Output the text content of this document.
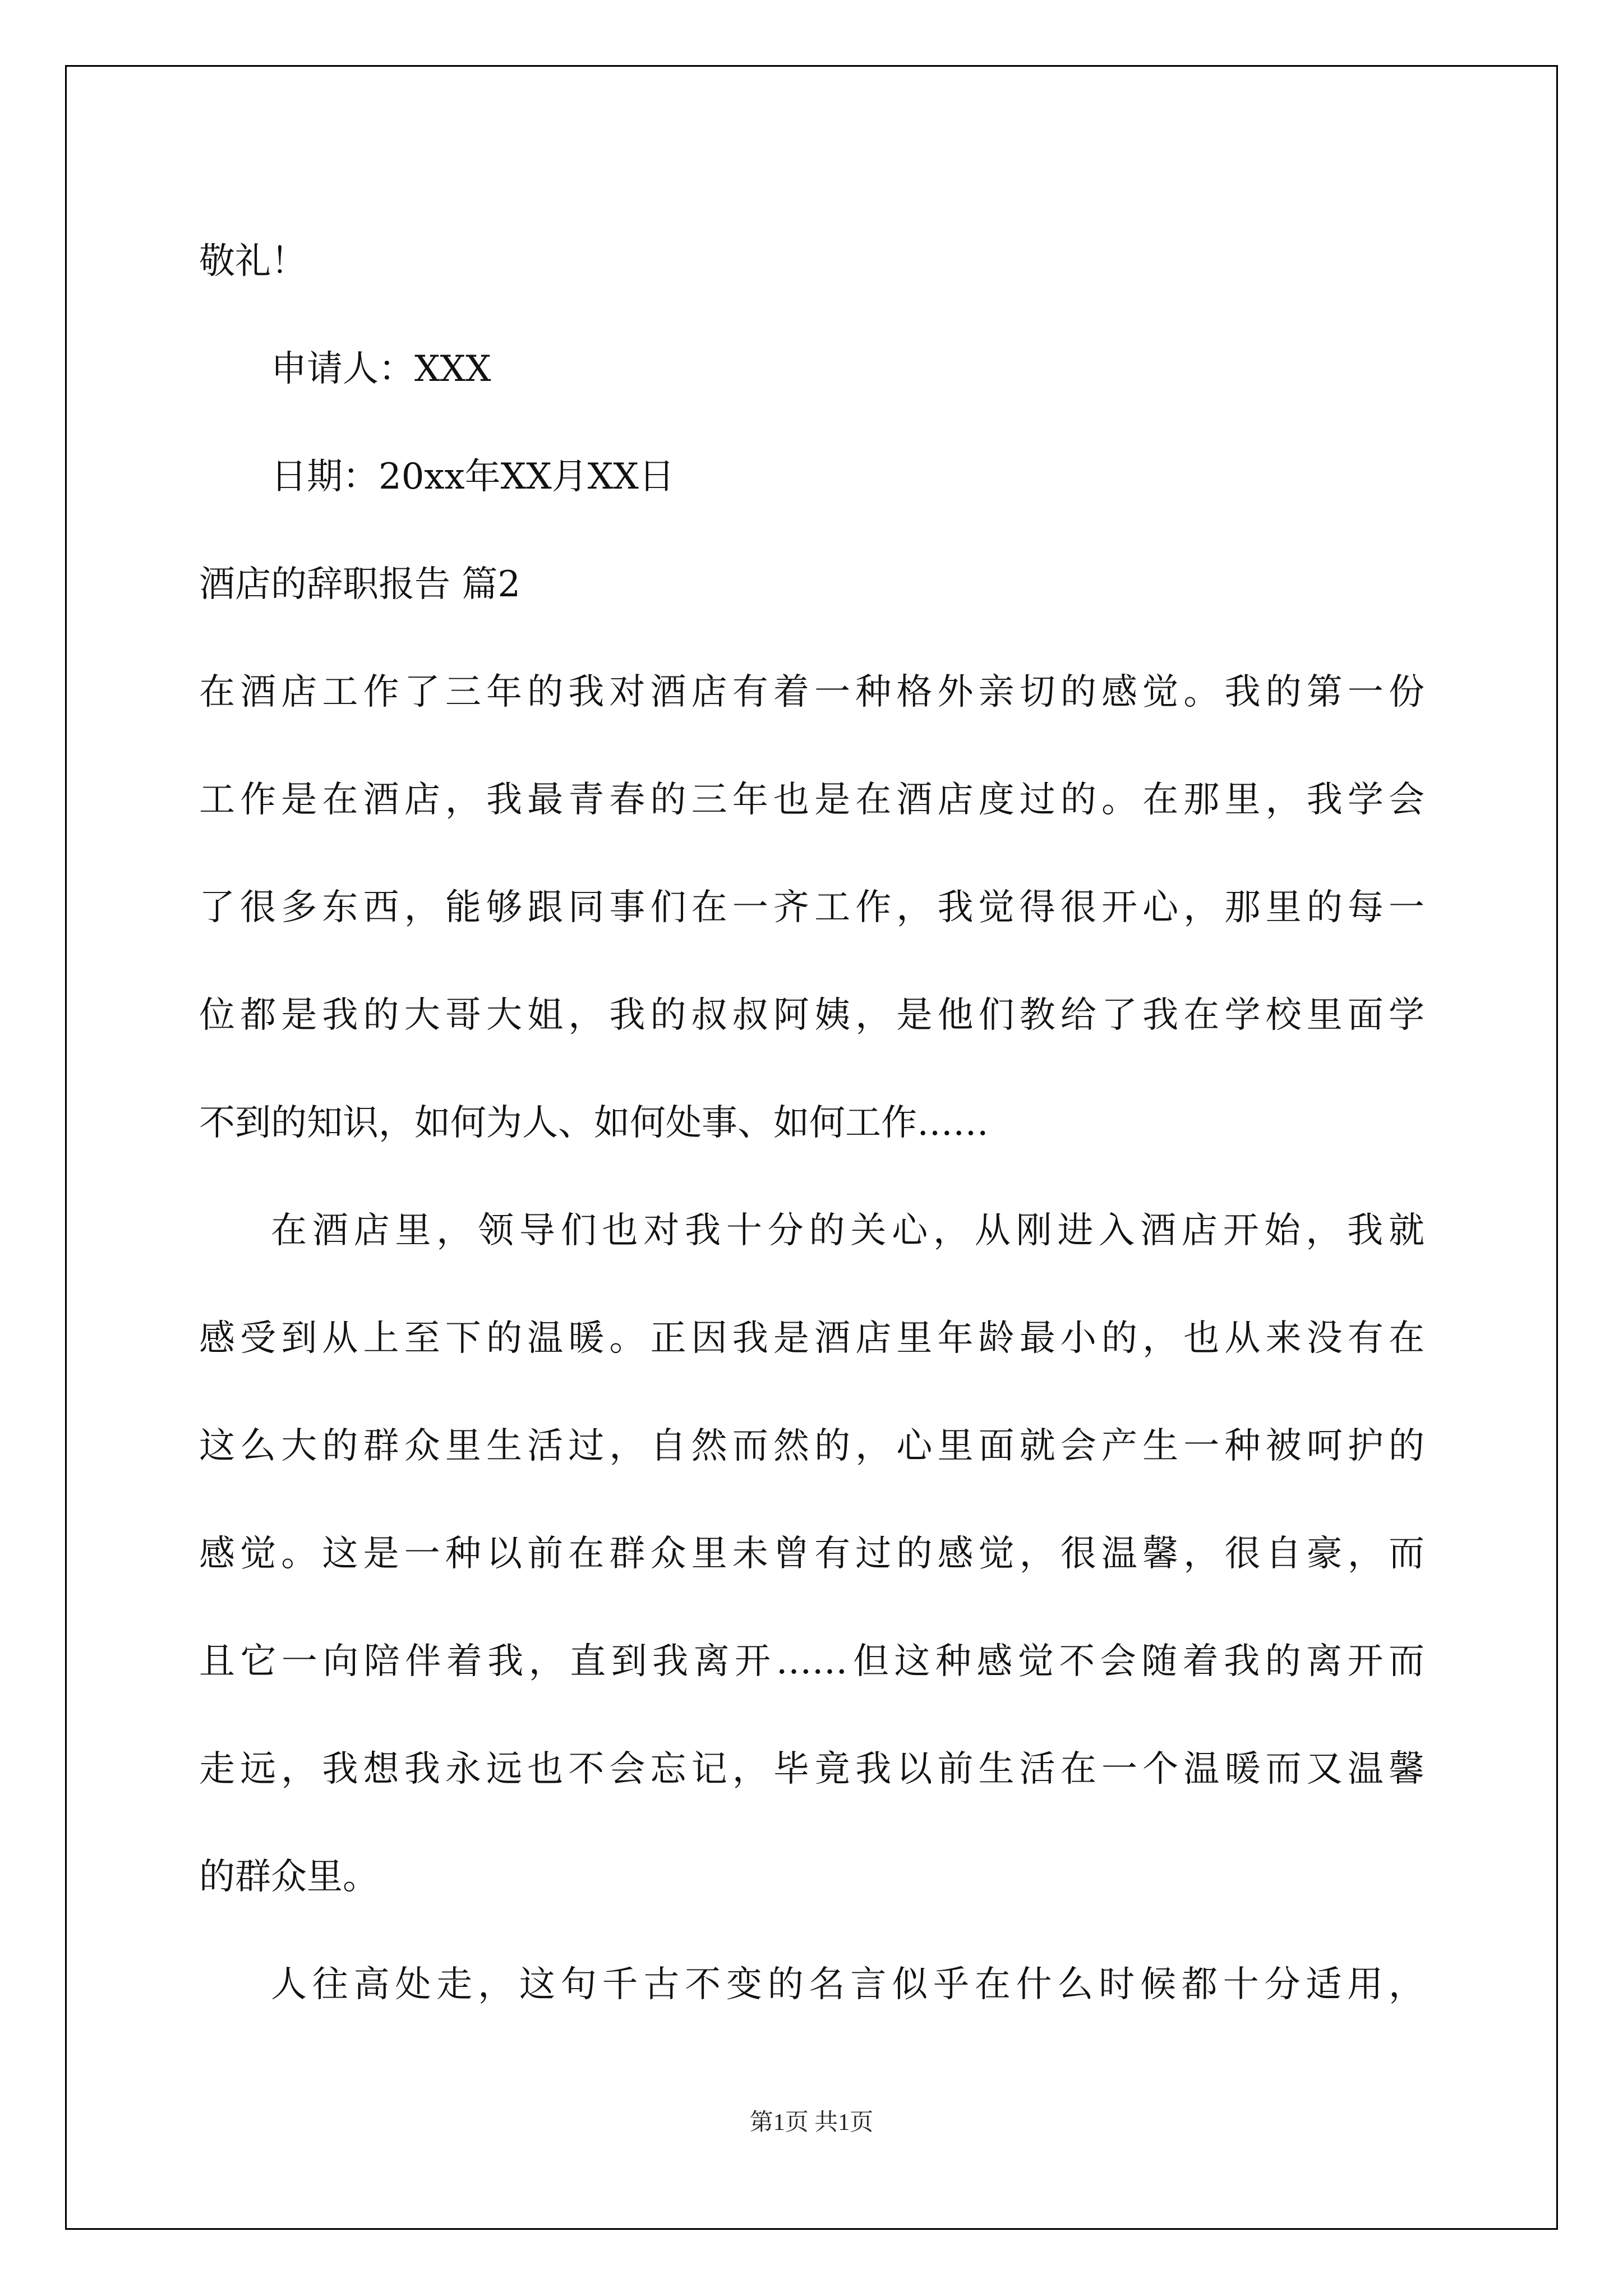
敬礼！
申请人：XXX
日期：20xx年XX月XX日
酒店的辞职报告 篇2
在酒店工作了三年的我对酒店有着一种格外亲切的感觉。我的第一份
工作是在酒店，我最青春的三年也是在酒店度过的。在那里，我学会
了很多东西，能够跟同事们在一齐工作，我觉得很开心，那里的每一
位都是我的大哥大姐，我的叔叔阿姨，是他们教给了我在学校里面学
不到的知识，如何为人、如何处事、如何工作……
在酒店里，领导们也对我十分的关心，从刚进入酒店开始，我就
感受到从上至下的温暖。正因我是酒店里年龄最小的，也从来没有在
这么大的群众里生活过，自然而然的，心里面就会产生一种被呵护的
感觉。这是一种以前在群众里未曾有过的感觉，很温馨，很自豪，而
且它一向陪伴着我，直到我离开……但这种感觉不会随着我的离开而
走远，我想我永远也不会忘记，毕竟我以前生活在一个温暖而又温馨
的群众里。
人往高处走，这句千古不变的名言似乎在什么时候都十分适用，
第1页 共1页
